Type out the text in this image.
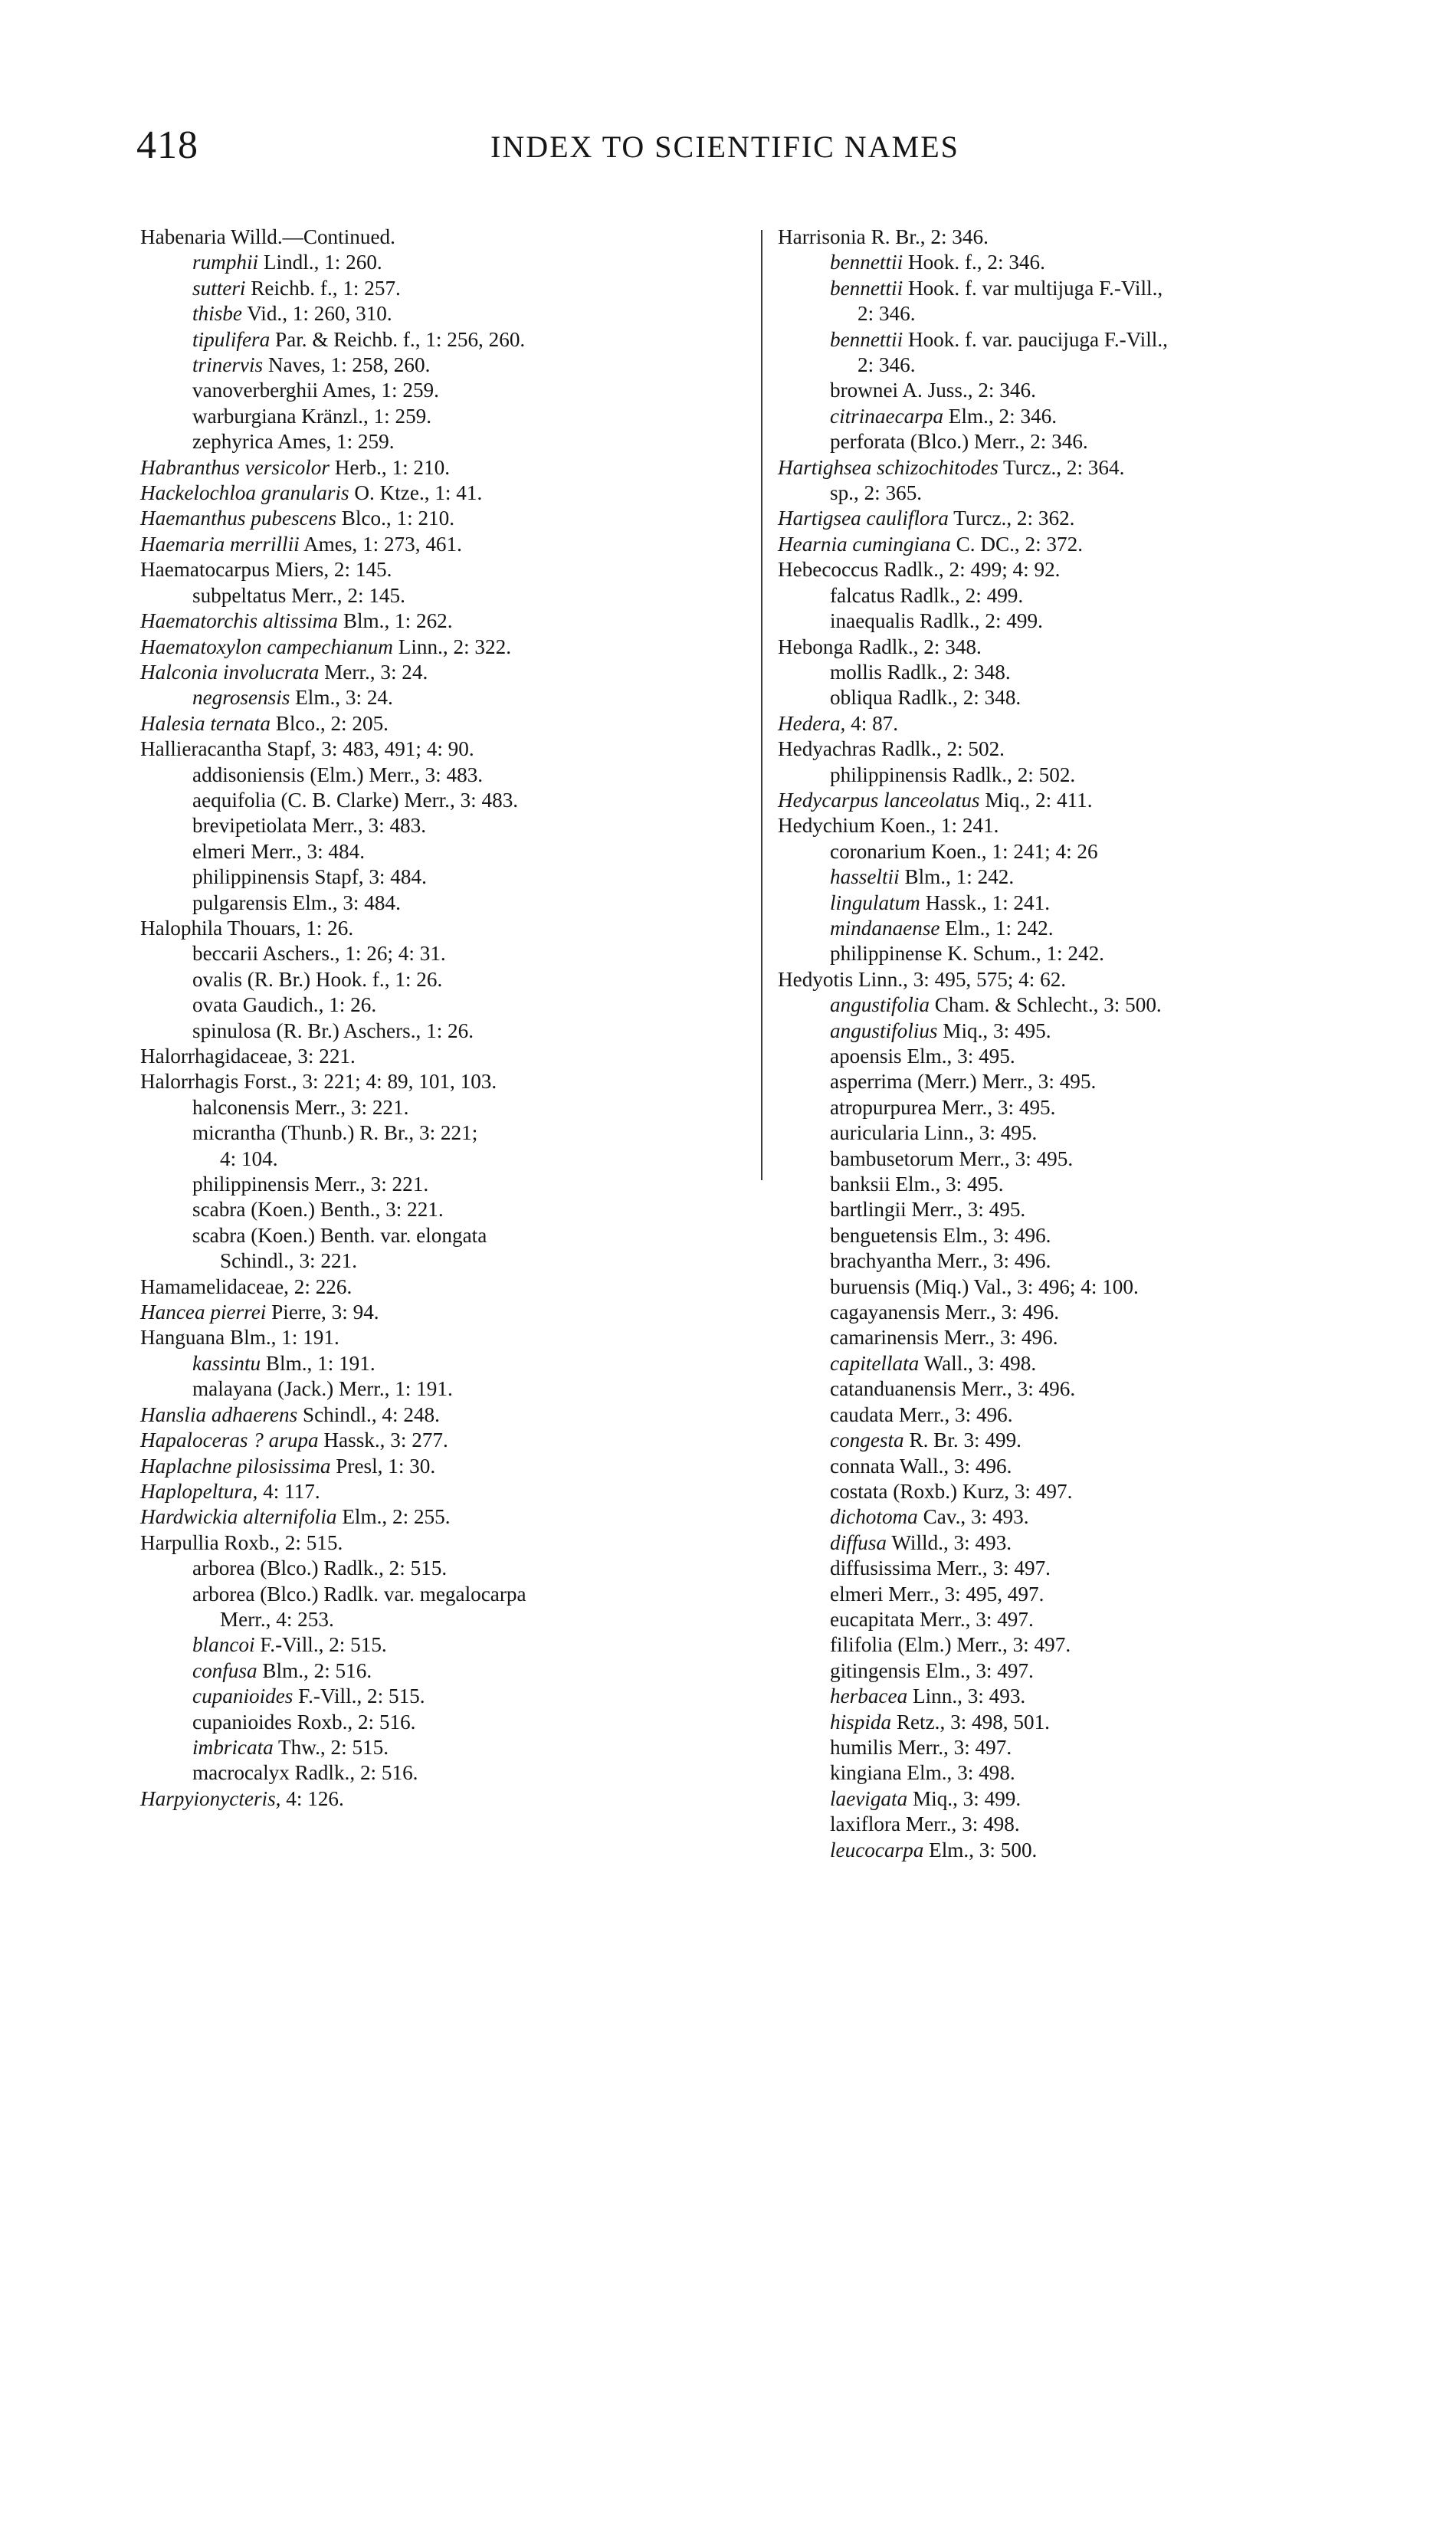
418	INDEX TO SCIENTIFIC NAMES
Habenaria Willd.—Continued.
rumphii Lindl., 1: 260.
sutteri Reichb. f., 1: 257.
thisbe Vid., 1: 260, 310.
tipulifera Par. & Reichb. f., 1: 256, 260.
trinervis Naves, 1: 258, 260.
vanoverberghii Ames, 1: 259.
warburgiana Kränzl., 1: 259.
zephyrica Ames, 1: 259.
Habranthus versicolor Herb., 1: 210.
Hackelochloa granularis O. Ktze., 1: 41.
Haemanthus pubescens Blco., 1: 210.
Haemaria merrillii Ames, 1: 273, 461.
Haematocarpus Miers, 2: 145.
subpeltatus Merr., 2: 145.
Haematorchis altissima Blm., 1: 262.
Haematoxylon campechianum Linn., 2: 322.
Halconia involucrata Merr., 3: 24.
negrosensis Elm., 3: 24.
Halesia ternata Blco., 2: 205.
Hallieracantha Stapf, 3: 483, 491; 4: 90.
addisoniensis (Elm.) Merr., 3: 483.
aequifolia (C. B. Clarke) Merr., 3: 483.
brevipetiolata Merr., 3: 483.
elmeri Merr., 3: 484.
philippinensis Stapf, 3: 484.
pulgarensis Elm., 3: 484.
Halophila Thouars, 1: 26.
beccarii Aschers., 1: 26; 4: 31.
ovalis (R. Br.) Hook. f., 1: 26.
ovata Gaudich., 1: 26.
spinulosa (R. Br.) Aschers., 1: 26.
Halorrhagidaceae, 3: 221.
Halorrhagis Forst., 3: 221; 4: 89, 101, 103.
halconensis Merr., 3: 221.
micrantha (Thunb.) R. Br., 3: 221;
4: 104.
philippinensis Merr., 3: 221.
scabra (Koen.) Benth., 3: 221.
scabra (Koen.) Benth. var. elongata
Schindl., 3: 221.
Hamamelidaceae, 2: 226.
Hancea pierrei Pierre, 3: 94.
Hanguana Blm., 1: 191.
kassintu Blm., 1: 191.
malayana (Jack.) Merr., 1: 191.
Hanslia adhaerens Schindl., 4: 248.
Hapaloceras ? arupa Hassk., 3: 277.
Haplachne pilosissima Presl, 1: 30.
Haplopeltura, 4: 117.
Hardwickia alternifolia Elm., 2: 255.
Harpullia Roxb., 2: 515.
arborea (Blco.) Radlk., 2: 515.
arborea (Blco.) Radlk. var. megalocarpa
Merr., 4: 253.
blancoi F.-Vill., 2: 515.
confusa Blm., 2: 516.
cupanioides F.-Vill., 2: 515.
cupanioides Roxb., 2: 516.
imbricata Thw., 2: 515.
macrocalyx Radlk., 2: 516.
Harpyionycteris, 4: 126.
Harrisonia R. Br., 2: 346.
bennettii Hook. f., 2: 346.
bennettii Hook. f. var multijuga F.-Vill.,
2: 346.
bennettii Hook. f. var. paucijuga F.-Vill.,
2: 346.
brownei A. Juss., 2: 346.
citrinaecarpa Elm., 2: 346.
perforata (Blco.) Merr., 2: 346.
Hartighsea schizochitodes Turcz., 2: 364.
sp., 2: 365.
Hartigsea cauliflora Turcz., 2: 362.
Hearnia cumingiana C. DC., 2: 372.
Hebecoccus Radlk., 2: 499; 4: 92.
falcatus Radlk., 2: 499.
inaequalis Radlk., 2: 499.
Hebonga Radlk., 2: 348.
mollis Radlk., 2: 348.
obliqua Radlk., 2: 348.
Hedera, 4: 87.
Hedyachras Radlk., 2: 502.
philippinensis Radlk., 2: 502.
Hedycarpus lanceolatus Miq., 2: 411.
Hedychium Koen., 1: 241.
coronarium Koen., 1: 241; 4: 26
hasseltii Blm., 1: 242.
lingulatum Hassk., 1: 241.
mindanaense Elm., 1: 242.
philippinense K. Schum., 1: 242.
Hedyotis Linn., 3: 495, 575; 4: 62.
angustifolia Cham. & Schlecht., 3: 500.
angustifolius Miq., 3: 495.
apoensis Elm., 3: 495.
asperrima (Merr.) Merr., 3: 495.
atropurpurea Merr., 3: 495.
auricularia Linn., 3: 495.
bambusetorum Merr., 3: 495.
banksii Elm., 3: 495.
bartlingii Merr., 3: 495.
benguetensis Elm., 3: 496.
brachyantha Merr., 3: 496.
buruensis (Miq.) Val., 3: 496; 4: 100.
cagayanensis Merr., 3: 496.
camarinensis Merr., 3: 496.
capitellata Wall., 3: 498.
catanduanensis Merr., 3: 496.
caudata Merr., 3: 496.
congesta R. Br. 3: 499.
connata Wall., 3: 496.
costata (Roxb.) Kurz, 3: 497.
dichotoma Cav., 3: 493.
diffusa Willd., 3: 493.
diffusissima Merr., 3: 497.
elmeri Merr., 3: 495, 497.
eucapitata Merr., 3: 497.
filifolia (Elm.) Merr., 3: 497.
gitingensis Elm., 3: 497.
herbacea Linn., 3: 493.
hispida Retz., 3: 498, 501.
humilis Merr., 3: 497.
kingiana Elm., 3: 498.
laevigata Miq., 3: 499.
laxiflora Merr., 3: 498.
leucocarpa Elm., 3: 500.
